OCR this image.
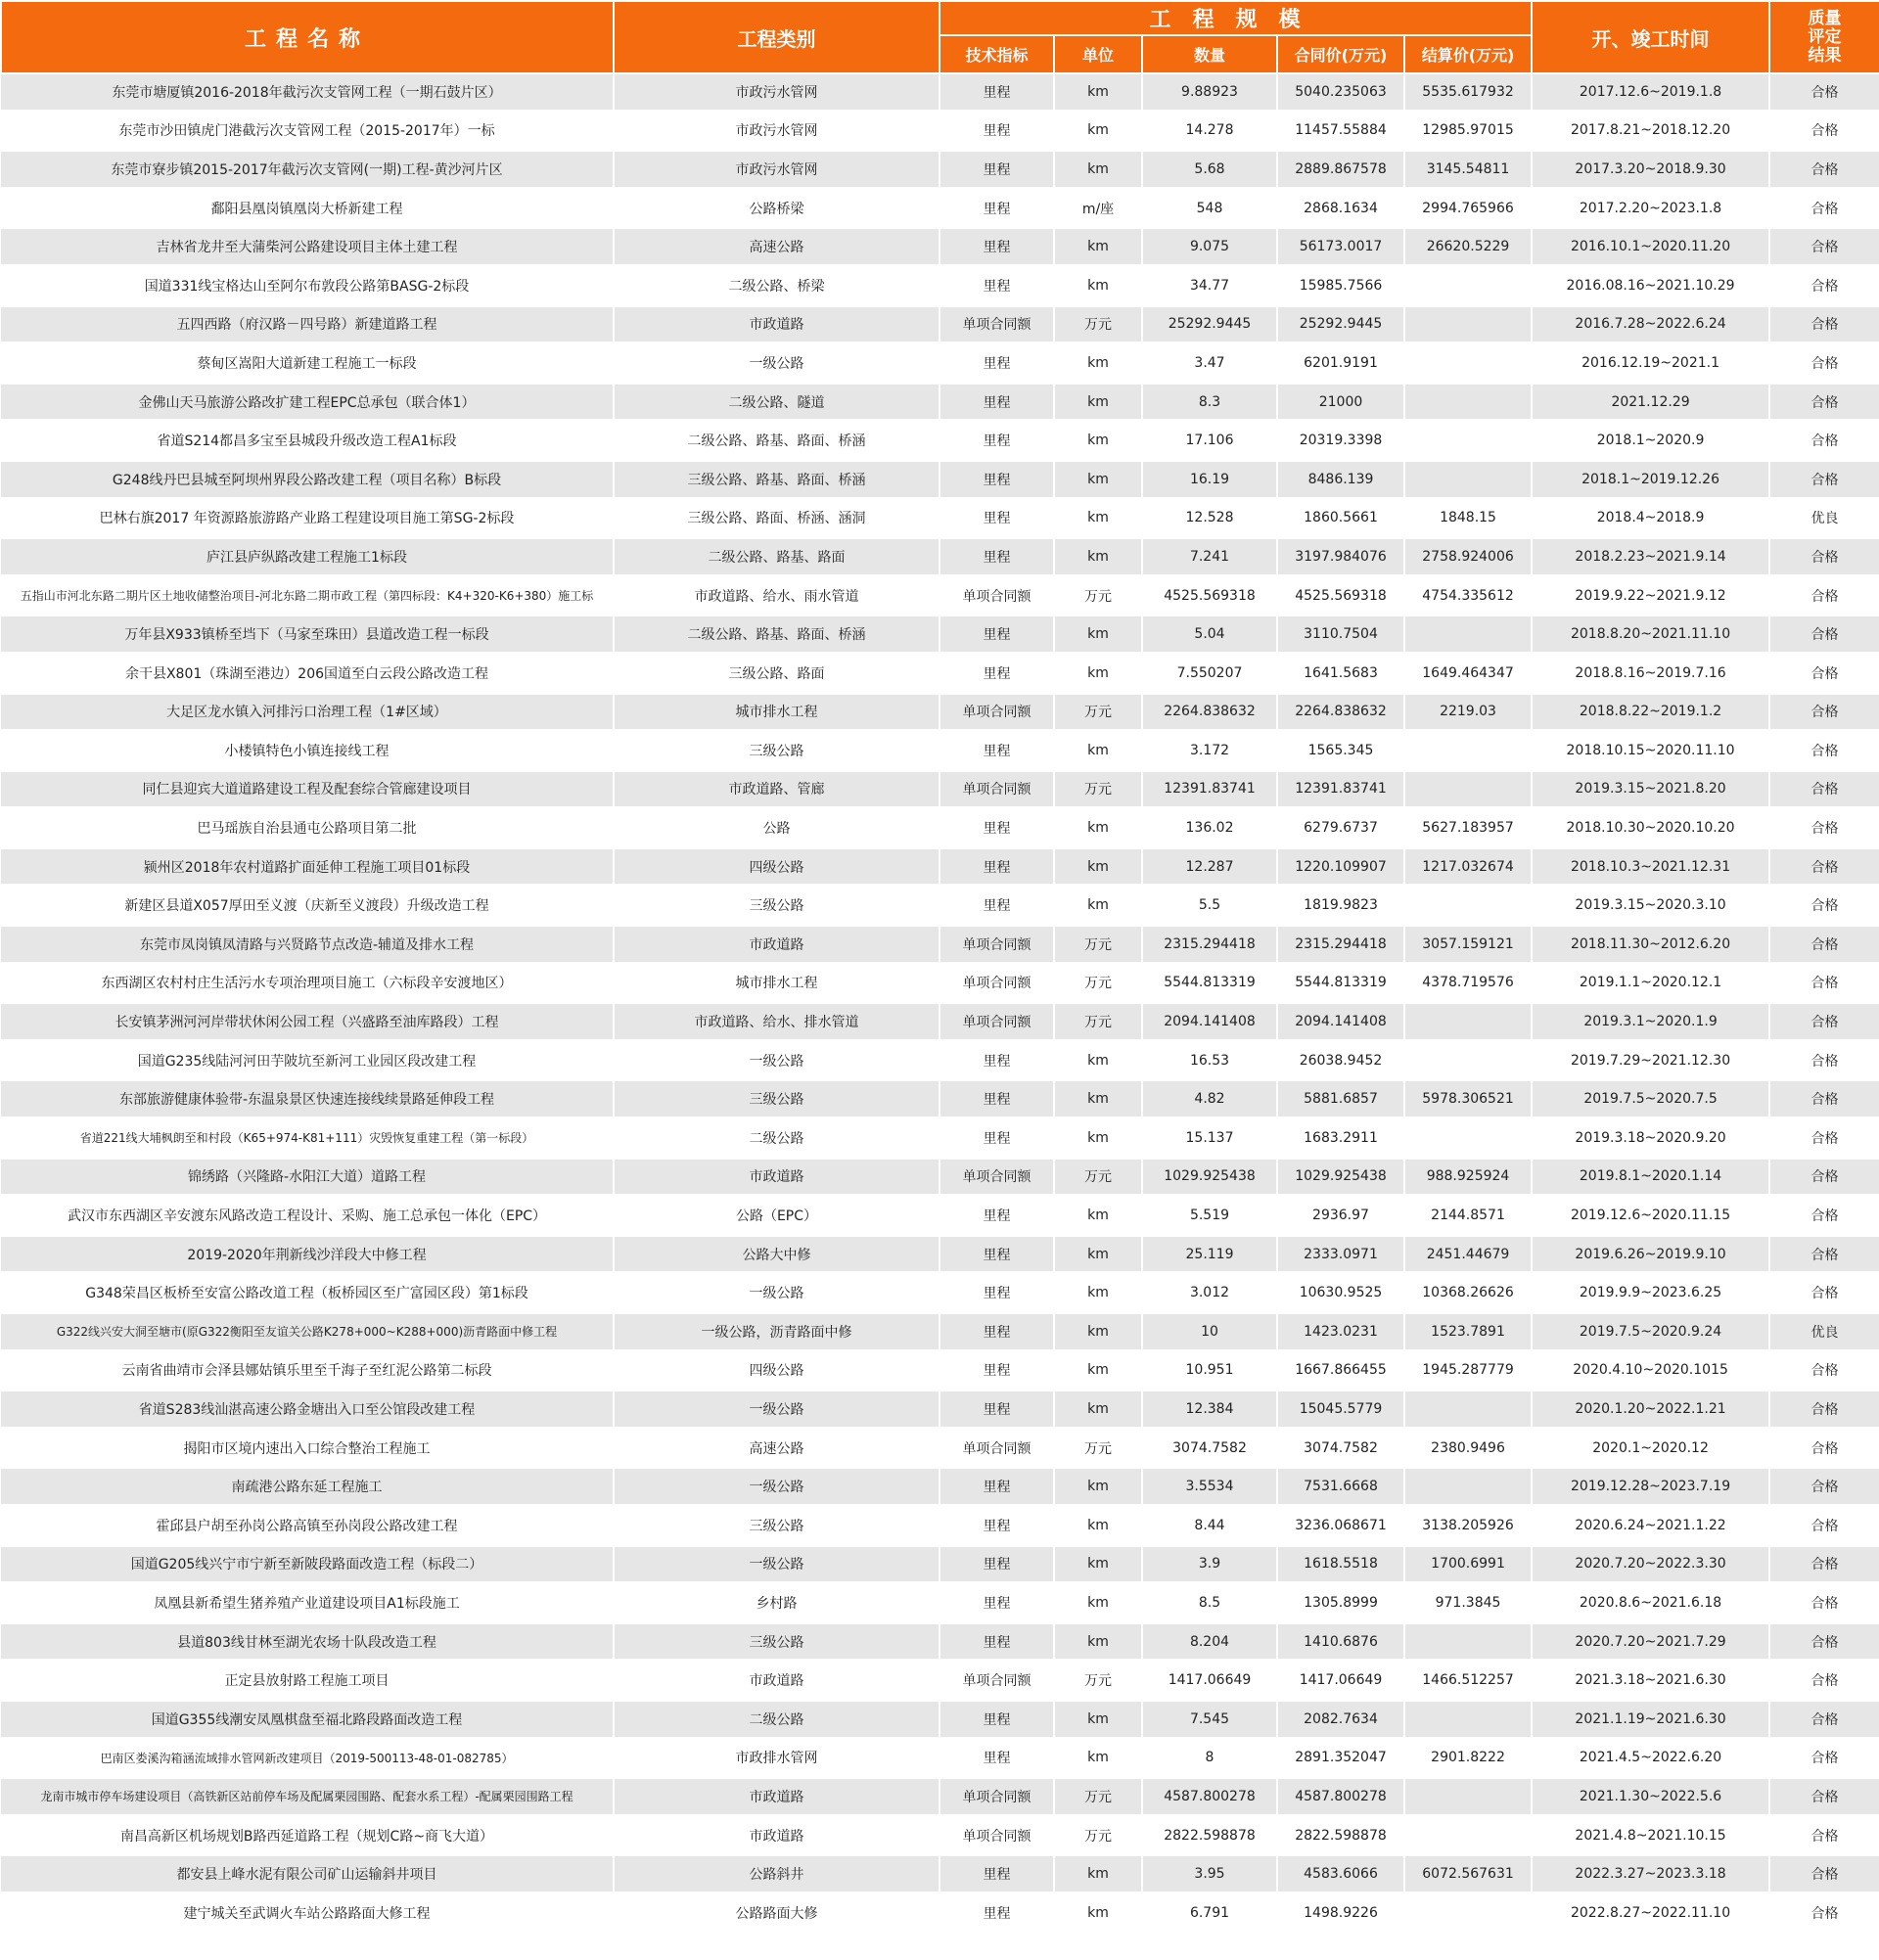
工程名称	工程类别	工程规模					开、竣工时间	质量
评定
结果

		技术指标	单位	数量	合同价(万元)	结算价(万元)		
东莞市塘厦镇2016-2018年截污次支管网工程（一期石鼓片区）	市政污水管网	里程	km	9.88923	5040.235063	5535.617932	2017.12.6~2019.1.8	合格
东莞市沙田镇虎门港截污次支管网工程（2015-2017年）一标	市政污水管网	里程	km	14.278	11457.55884	12985.97015	2017.8.21~2018.12.20	合格
东莞市寮步镇2015-2017年截污次支管网(一期)工程-黄沙河片区	市政污水管网	里程	km	5.68	2889.867578	3145.54811	2017.3.20~2018.9.30	合格
鄱阳县凰岗镇凰岗大桥新建工程	公路桥梁	里程	m/座	548	2868.1634	2994.765966	2017.2.20~2023.1.8	合格
吉林省龙井至大蒲柴河公路建设项目主体土建工程	高速公路	里程	km	9.075	56173.0017	26620.5229	2016.10.1~2020.11.20	合格
国道331线宝格达山至阿尔布敦段公路第BASG-2标段	二级公路、桥梁	里程	km	34.77	15985.7566		2016.08.16~2021.10.29	合格
五四西路（府汉路－四号路）新建道路工程	市政道路	单项合同额	万元	25292.9445	25292.9445		2016.7.28~2022.6.24	合格
蔡甸区嵩阳大道新建工程施工一标段	一级公路	里程	km	3.47	6201.9191		2016.12.19~2021.1	合格
金佛山天马旅游公路改扩建工程EPC总承包（联合体1）	二级公路、隧道	里程	km	8.3	21000		2021.12.29	合格
省道S214都昌多宝至县城段升级改造工程A1标段	二级公路、路基、路面、桥涵	里程	km	17.106	20319.3398		2018.1~2020.9	合格
G248线丹巴县城至阿坝州界段公路改建工程（项目名称）B标段	三级公路、路基、路面、桥涵	里程	km	16.19	8486.139		2018.1~2019.12.26	合格
巴林右旗2017 年资源路旅游路产业路工程建设项目施工第SG-2标段	三级公路、路面、桥涵、涵洞	里程	km	12.528	1860.5661	1848.15	2018.4~2018.9	优良
庐江县庐纵路改建工程施工1标段	二级公路、路基、路面	里程	km	7.241	3197.984076	2758.924006	2018.2.23~2021.9.14	合格
五指山市河北东路二期片区土地收储整治项目-河北东路二期市政工程（第四标段：K4+320-K6+380）施工标	市政道路、给水、雨水管道	单项合同额	万元	4525.569318	4525.569318	4754.335612	2019.9.22~2021.9.12	合格
万年县X933镇桥至垱下（马家至珠田）县道改造工程一标段	二级公路、路基、路面、桥涵	里程	km	5.04	3110.7504		2018.8.20~2021.11.10	合格
余干县X801（珠湖至港边）206国道至白云段公路改造工程	三级公路、路面	里程	km	7.550207	1641.5683	1649.464347	2018.8.16~2019.7.16	合格
大足区龙水镇入河排污口治理工程（1#区域）	城市排水工程	单项合同额	万元	2264.838632	2264.838632	2219.03	2018.8.22~2019.1.2	合格
小楼镇特色小镇连接线工程	三级公路	里程	km	3.172	1565.345		2018.10.15~2020.11.10	合格
同仁县迎宾大道道路建设工程及配套综合管廊建设项目	市政道路、管廊	单项合同额	万元	12391.83741	12391.83741		2019.3.15~2021.8.20	合格
巴马瑶族自治县通屯公路项目第二批	公路	里程	km	136.02	6279.6737	5627.183957	2018.10.30~2020.10.20	合格
颍州区2018年农村道路扩面延伸工程施工项目01标段	四级公路	里程	km	12.287	1220.109907	1217.032674	2018.10.3~2021.12.31	合格
新建区县道X057厚田至义渡（庆新至义渡段）升级改造工程	三级公路	里程	km	5.5	1819.9823		2019.3.15~2020.3.10	合格
东莞市凤岗镇凤清路与兴贤路节点改造-辅道及排水工程	市政道路	单项合同额	万元	2315.294418	2315.294418	3057.159121	2018.11.30~2012.6.20	合格
东西湖区农村村庄生活污水专项治理项目施工（六标段辛安渡地区）	城市排水工程	单项合同额	万元	5544.813319	5544.813319	4378.719576	2019.1.1~2020.12.1	合格
长安镇茅洲河河岸带状休闲公园工程（兴盛路至油库路段）工程	市政道路、给水、排水管道	单项合同额	万元	2094.141408	2094.141408		2019.3.1~2020.1.9	合格
国道G235线陆河河田芋陂坑至新河工业园区段改建工程	一级公路	里程	km	16.53	26038.9452		2019.7.29~2021.12.30	合格
东部旅游健康体验带-东温泉景区快速连接线续景路延伸段工程	三级公路	里程	km	4.82	5881.6857	5978.306521	2019.7.5~2020.7.5	合格
省道221线大埔枫朗至和村段（K65+974-K81+111）灾毁恢复重建工程（第一标段）	二级公路	里程	km	15.137	1683.2911		2019.3.18~2020.9.20	合格
锦绣路（兴隆路-水阳江大道）道路工程	市政道路	单项合同额	万元	1029.925438	1029.925438	988.925924	2019.8.1~2020.1.14	合格
武汉市东西湖区辛安渡东风路改造工程设计、采购、施工总承包一体化（EPC）	公路（EPC）	里程	km	5.519	2936.97	2144.8571	2019.12.6~2020.11.15	合格
2019-2020年荆新线沙洋段大中修工程	公路大中修	里程	km	25.119	2333.0971	2451.44679	2019.6.26~2019.9.10	合格
G348荣昌区板桥至安富公路改道工程（板桥园区至广富园区段）第1标段	一级公路	里程	km	3.012	10630.9525	10368.26626	2019.9.9~2023.6.25	合格
G322线兴安大洞至塘市(原G322衡阳至友谊关公路K278+000~K288+000)沥青路面中修工程	一级公路，沥青路面中修	里程	km	10	1423.0231	1523.7891	2019.7.5~2020.9.24	优良
云南省曲靖市会泽县娜姑镇乐里至千海子至红泥公路第二标段	四级公路	里程	km	10.951	1667.866455	1945.287779	2020.4.10~2020.1015	合格
省道S283线汕湛高速公路金塘出入口至公馆段改建工程	一级公路	里程	km	12.384	15045.5779		2020.1.20~2022.1.21	合格
揭阳市区境内速出入口综合整治工程施工	高速公路	单项合同额	万元	3074.7582	3074.7582	2380.9496	2020.1~2020.12	合格
南疏港公路东延工程施工	一级公路	里程	km	3.5534	7531.6668		2019.12.28~2023.7.19	合格
霍邱县户胡至孙岗公路高镇至孙岗段公路改建工程	三级公路	里程	km	8.44	3236.068671	3138.205926	2020.6.24~2021.1.22	合格
国道G205线兴宁市宁新至新陂段路面改造工程（标段二）	一级公路	里程	km	3.9	1618.5518	1700.6991	2020.7.20~2022.3.30	合格
凤凰县新希望生猪养殖产业道建设项目A1标段施工	乡村路	里程	km	8.5	1305.8999	971.3845	2020.8.6~2021.6.18	合格
县道803线甘林至湖光农场十队段改造工程	三级公路	里程	km	8.204	1410.6876		2020.7.20~2021.7.29	合格
正定县放射路工程施工项目	市政道路	单项合同额	万元	1417.06649	1417.06649	1466.512257	2021.3.18~2021.6.30	合格
国道G355线潮安凤凰棋盘至福北路段路面改造工程	二级公路	里程	km	7.545	2082.7634		2021.1.19~2021.6.30	合格
巴南区娄溪沟箱涵流域排水管网新改建项目（2019-500113-48-01-082785）	市政排水管网	里程	km	8	2891.352047	2901.8222	2021.4.5~2022.6.20	合格
龙南市城市停车场建设项目（高铁新区站前停车场及配属栗园围路、配套水系工程）-配属栗园围路工程	市政道路	单项合同额	万元	4587.800278	4587.800278		2021.1.30~2022.5.6	合格
南昌高新区机场规划B路西延道路工程（规划C路~商飞大道）	市政道路	单项合同额	万元	2822.598878	2822.598878		2021.4.8~2021.10.15	合格
都安县上峰水泥有限公司矿山运输斜井项目	公路斜井	里程	km	3.95	4583.6066	6072.567631	2022.3.27~2023.3.18	合格
建宁城关至武调火车站公路路面大修工程	公路路面大修	里程	km	6.791	1498.9226		2022.8.27~2022.11.10	合格
